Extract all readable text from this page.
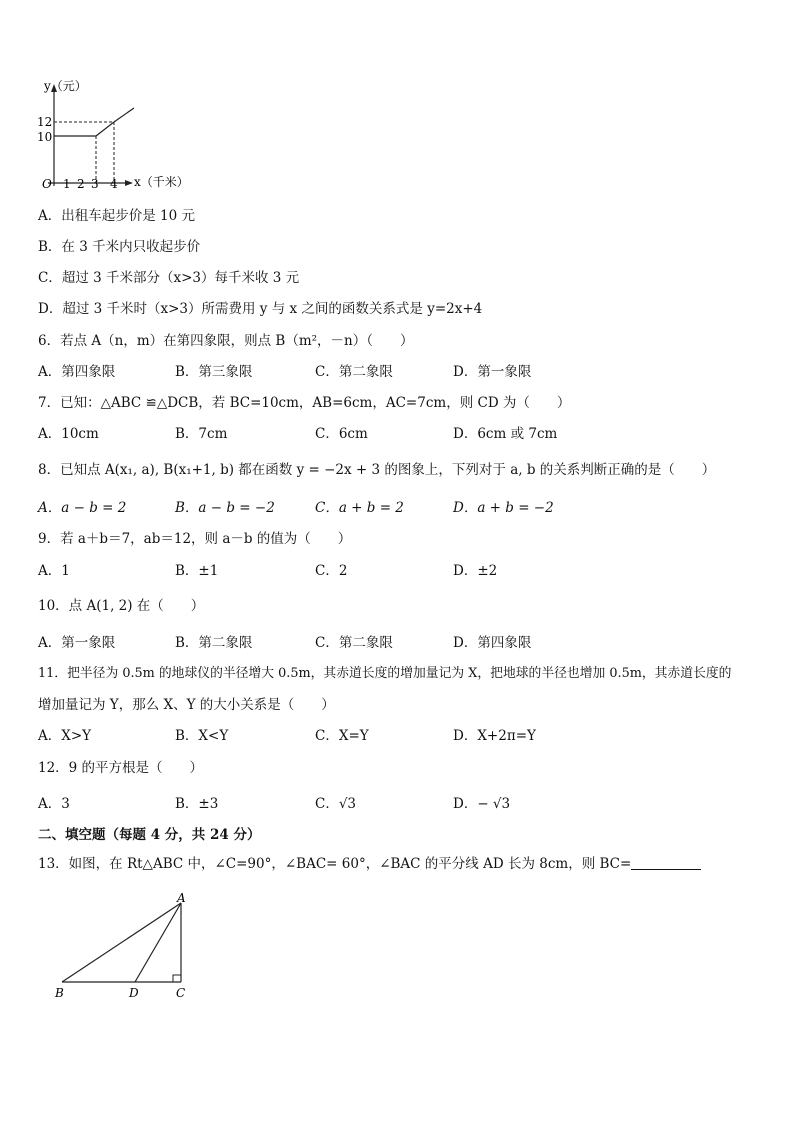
y（元）
12
10
O 1 2 3 4 x（千米）
A．出租车起步价是 10 元
B．在 3 千米内只收起步价
C．超过 3 千米部分（x>3）每千米收 3 元
D．超过 3 千米时（x>3）所需费用 y 与 x 之间的函数关系式是 y=2x+4
6．若点 A（n，m）在第四象限，则点 B（m²，－n）（　　）
A．第四象限	B．第三象限	C．第二象限	D．第一象限
7．已知：△ABC ≌△DCB，若 BC=10cm，AB=6cm，AC=7cm，则 CD 为（　　）
A．10cm	B．7cm	C．6cm	D．6cm 或 7cm
8．已知点 A(x₁, a), B(x₁+1, b) 都在函数 y = −2x + 3 的图象上，下列对于 a, b 的关系判断正确的是（　　）
A．a − b = 2	B．a − b = −2	C．a + b = 2	D．a + b = −2
9．若 a＋b＝7，ab＝12，则 a－b 的值为（　　）
A．1	B．±1	C．2	D．±2
10．点 A(1, 2) 在（　　）
A．第一象限	B．第二象限	C．第二象限	D．第四象限
11．把半径为 0.5m 的地球仪的半径增大 0.5m，其赤道长度的增加量记为 X，把地球的半径也增加 0.5m，其赤道长度的
增加量记为 Y，那么 X、Y 的大小关系是（　　）
A．X>Y	B．X<Y	C．X=Y	D．X+2π=Y
12．9 的平方根是（　　）
A．3	B．±3	C．√3	D．− √3
二、填空题（每题 4 分，共 24 分）
13．如图，在 Rt△ABC 中，∠C=90°，∠BAC= 60°，∠BAC 的平分线 AD 长为 8cm，则 BC=
A
B	D	C
